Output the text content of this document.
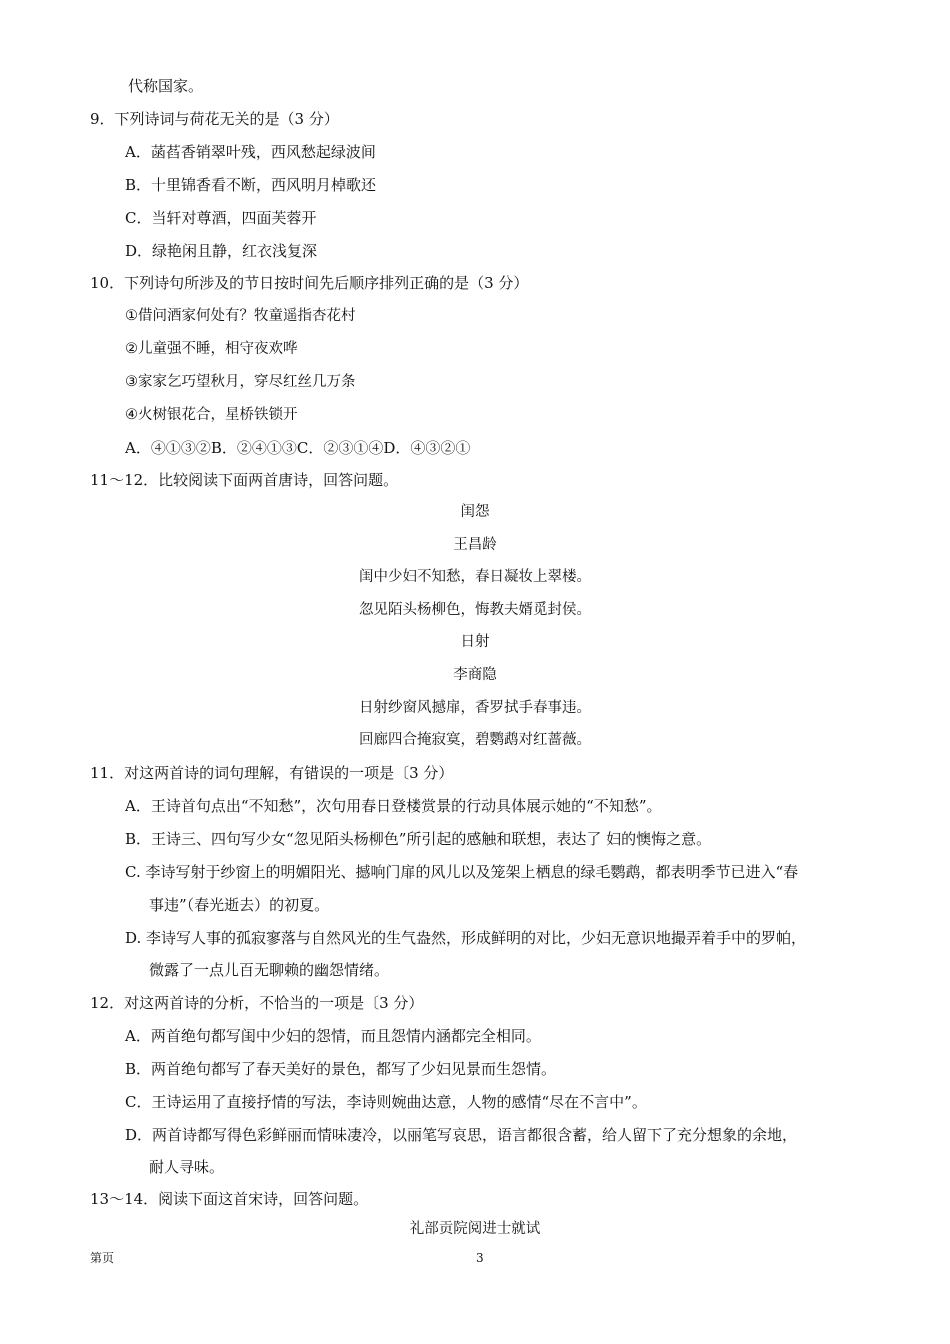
代称国家。
9．下列诗词与荷花无关的是（3 分）
A．菡萏香销翠叶残，西风愁起绿波间
B．十里锦香看不断，西风明月棹歌还
C．当轩对尊酒，四面芙蓉开
D．绿艳闲且静，红衣浅复深
10．下列诗句所涉及的节日按时间先后顺序排列正确的是（3 分）
①借问酒家何处有？牧童遥指杏花村
②儿童强不睡，相守夜欢哗
③家家乞巧望秋月，穿尽红丝几万条
④火树银花合，星桥铁锁开
A．④①③②B．②④①③C．②③①④D．④③②①
11～12．比较阅读下面两首唐诗，回答问题。
闺怨
王昌龄
闺中少妇不知愁，春日凝妆上翠楼。
忽见陌头杨柳色，悔教夫婿觅封侯。
日射
李商隐
日射纱窗风撼扉，香罗拭手春事违。
回廊四合掩寂寞，碧鹦鹉对红蔷薇。
11．对这两首诗的词句理解，有错误的一项是〔3 分）
A．王诗首句点出“不知愁”，次句用春日登楼赏景的行动具体展示她的“不知愁”。
B．王诗三、四句写少女“忽见陌头杨柳色”所引起的感触和联想，表达了 妇的懊悔之意。
C. 李诗写射于纱窗上的明媚阳光、撼响门扉的风儿以及笼架上栖息的绿毛鹦鹉，都表明季节已进入“春
事违”（春光逝去）的初夏。
D. 李诗写人事的孤寂寥落与自然风光的生气盎然，形成鲜明的对比，少妇无意识地撮弄着手中的罗帕，
微露了一点儿百无聊赖的幽怨情绪。
12．对这两首诗的分析，不恰当的一项是〔3 分）
A．两首绝句都写闺中少妇的怨情，而且怨情内涵都完全相同。
B．两首绝句都写了春天美好的景色，都写了少妇见景而生怨情。
C．王诗运用了直接抒情的写法，李诗则婉曲达意，人物的感情“尽在不言中”。
D．两首诗都写得色彩鲜丽而情味凄冷，以丽笔写哀思，语言都很含蓄，给人留下了充分想象的余地，
耐人寻味。
13～14．阅读下面这首宋诗，回答问题。
礼部贡院阅进士就试
第页	3
